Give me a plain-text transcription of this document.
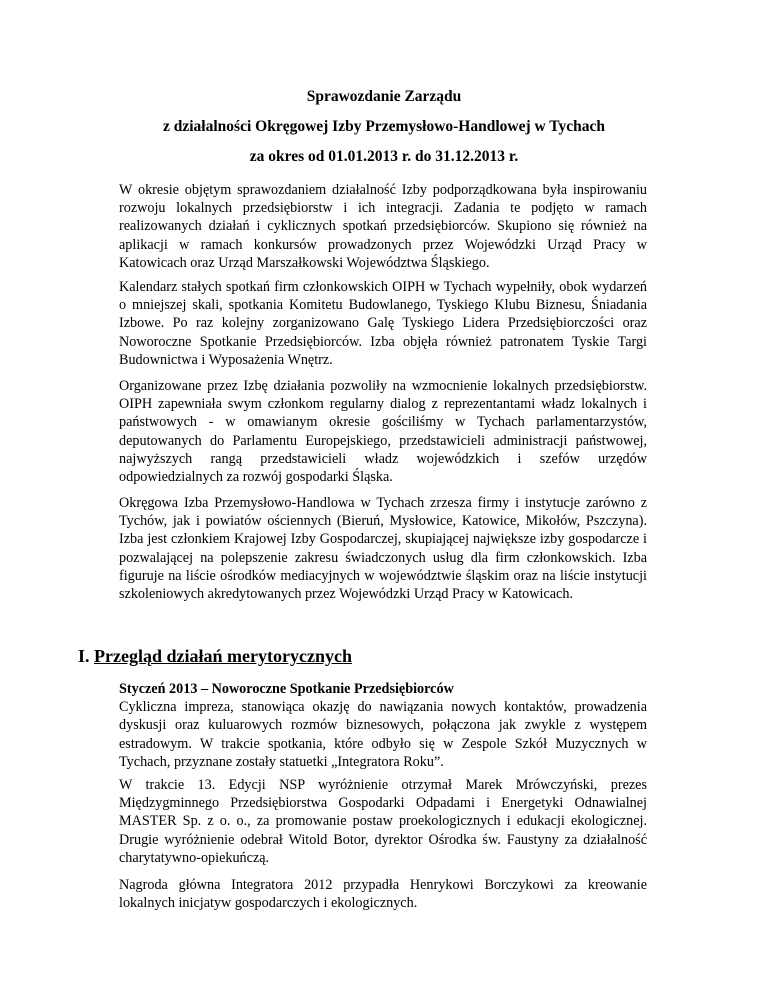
Sprawozdanie Zarządu

z działalności Okręgowej Izby Przemysłowo-Handlowej w Tychach

za okres od 01.01.2013 r. do 31.12.2013 r.

W okresie objętym sprawozdaniem działalność Izby podporządkowana była inspirowaniu rozwoju lokalnych przedsiębiorstw i ich integracji. Zadania te podjęto w ramach realizowanych działań i cyklicznych spotkań przedsiębiorców. Skupiono się również na aplikacji w ramach konkursów prowadzonych przez Wojewódzki Urząd Pracy w Katowicach oraz Urząd Marszałkowski Województwa Śląskiego.

Kalendarz stałych spotkań firm członkowskich OIPH w Tychach wypełniły, obok wydarzeń o mniejszej skali, spotkania Komitetu Budowlanego, Tyskiego Klubu Biznesu, Śniadania Izbowe. Po raz kolejny zorganizowano Galę Tyskiego Lidera Przedsiębiorczości oraz Noworoczne Spotkanie Przedsiębiorców. Izba objęła również patronatem Tyskie Targi Budownictwa i Wyposażenia Wnętrz.

Organizowane przez Izbę działania pozwoliły na wzmocnienie lokalnych przedsiębiorstw. OIPH zapewniała swym członkom regularny dialog z reprezentantami władz lokalnych i państwowych - w omawianym okresie gościliśmy w Tychach parlamentarzystów, deputowanych do Parlamentu Europejskiego, przedstawicieli administracji państwowej, najwyższych rangą przedstawicieli władz wojewódzkich i szefów urzędów odpowiedzialnych za rozwój gospodarki Śląska.

Okręgowa Izba Przemysłowo-Handlowa w Tychach zrzesza firmy i instytucje zarówno z Tychów, jak i powiatów ościennych (Bieruń, Mysłowice, Katowice, Mikołów, Pszczyna). Izba jest członkiem Krajowej Izby Gospodarczej, skupiającej największe izby gospodarcze i pozwalającej na polepszenie zakresu świadczonych usług dla firm członkowskich. Izba figuruje na liście ośrodków mediacyjnych w województwie śląskim oraz na liście instytucji szkoleniowych akredytowanych przez Wojewódzki Urząd Pracy w Katowicach.

I. Przegląd działań merytorycznych
Styczeń 2013 – Noworoczne Spotkanie Przedsiębiorców
Cykliczna impreza, stanowiąca okazję do nawiązania nowych kontaktów, prowadzenia dyskusji oraz kuluarowych rozmów biznesowych, połączona jak zwykle z występem estradowym. W trakcie spotkania, które odbyło się w Zespole Szkół Muzycznych w Tychach, przyznane zostały statuetki „Integratora Roku”.

W trakcie 13. Edycji NSP wyróżnienie otrzymał Marek Mrówczyński, prezes Międzygminnego Przedsiębiorstwa Gospodarki Odpadami i Energetyki Odnawialnej MASTER Sp. z o. o., za promowanie postaw proekologicznych i edukacji ekologicznej. Drugie wyróżnienie odebrał Witold Botor, dyrektor Ośrodka św. Faustyny za działalność charytatywno-opiekuńczą.

Nagroda główna Integratora 2012 przypadła Henrykowi Borczykowi za kreowanie lokalnych inicjatyw gospodarczych i ekologicznych.
